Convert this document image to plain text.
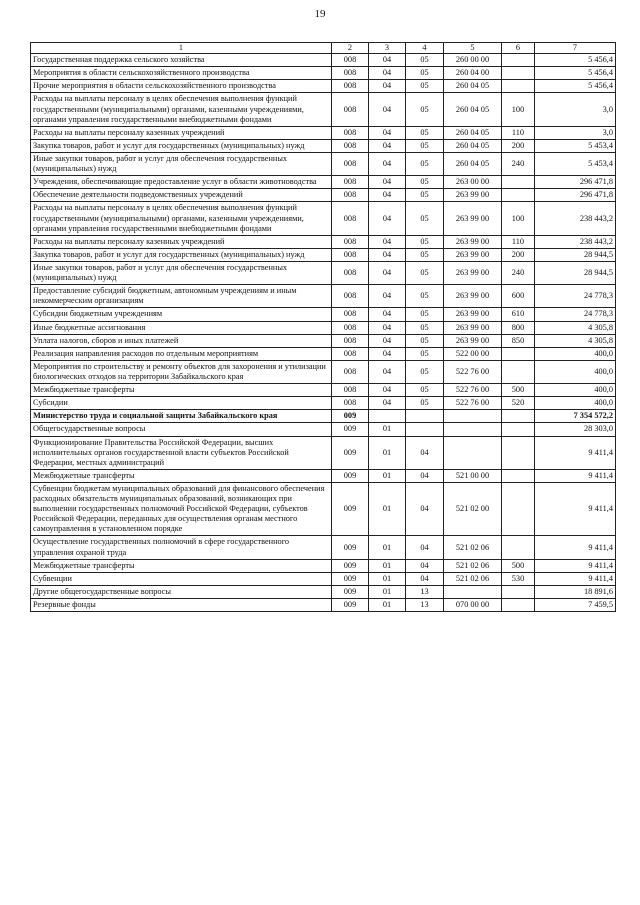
19
1	2	3	4	5	6	7
Государственная поддержка сельского хозяйства	008	04	05	260 00 00		5 456,4
Мероприятия в области сельскохозяйственного производства	008	04	05	260 04 00		5 456,4
Прочие мероприятия в области сельскохозяйственного производства	008	04	05	260 04 05		5 456,4
Расходы на выплаты персоналу в целях обеспечения выполнения функций государственными (муниципальными) органами, казенными учреждениями, органами управления государственными внебюджетными фондами	008	04	05	260 04 05	100	3,0
Расходы на выплаты персоналу казенных учреждений	008	04	05	260 04 05	110	3,0
Закупка товаров, работ и услуг для государственных (муниципальных) нужд	008	04	05	260 04 05	200	5 453,4
Иные закупки товаров, работ и услуг для обеспечения государственных (муниципальных) нужд	008	04	05	260 04 05	240	5 453,4
Учреждения, обеспечивающие предоставление услуг в области животноводства	008	04	05	263 00 00		296 471,8
Обеспечение деятельности подведомственных учреждений	008	04	05	263 99 00		296 471,8
Расходы на выплаты персоналу в целях обеспечения выполнения функций государственными (муниципальными) органами, казенными учреждениями, органами управления государственными внебюджетными фондами	008	04	05	263 99 00	100	238 443,2
Расходы на выплаты персоналу казенных учреждений	008	04	05	263 99 00	110	238 443,2
Закупка товаров, работ и услуг для государственных (муниципальных) нужд	008	04	05	263 99 00	200	28 944,5
Иные закупки товаров, работ и услуг для обеспечения государственных (муниципальных) нужд	008	04	05	263 99 00	240	28 944,5
Предоставление субсидий бюджетным, автономным учреждениям и иным некоммерческим организациям	008	04	05	263 99 00	600	24 778,3
Субсидии бюджетным учреждениям	008	04	05	263 99 00	610	24 778,3
Иные бюджетные ассигнования	008	04	05	263 99 00	800	4 305,8
Уплата налогов, сборов и иных платежей	008	04	05	263 99 00	850	4 305,8
Реализация направления расходов по отдельным мероприятиям	008	04	05	522 00 00		400,0
Мероприятия по строительству и ремонту объектов для захоронения и утилизации биологических отходов на территории Забайкальского края	008	04	05	522 76 00		400,0
Межбюджетные трансферты	008	04	05	522 76 00	500	400,0
Субсидии	008	04	05	522 76 00	520	400,0
Министерство труда и социальной защиты Забайкальского края	009					7 354 572,2
Общегосударственные вопросы	009	01				28 303,0
Функционирование Правительства Российской Федерации, высших исполнительных органов государственной власти субъектов Российской Федерации, местных администраций	009	01	04			9 411,4
Межбюджетные трансферты	009	01	04	521 00 00		9 411,4
Субвенции бюджетам муниципальных образований для финансового обеспечения расходных обязательств муниципальных образований, возникающих при выполнении государственных полномочий Российской Федерации, субъектов Российской Федерации, переданных для осуществления органам местного самоуправления в установленном порядке	009	01	04	521 02 00		9 411,4
Осуществление государственных полномочий в сфере государственного управления охраной труда	009	01	04	521 02 06		9 411,4
Межбюджетные трансферты	009	01	04	521 02 06	500	9 411,4
Субвенции	009	01	04	521 02 06	530	9 411,4
Другие общегосударственные вопросы	009	01	13			18 891,6
Резервные фонды	009	01	13	070 00 00		7 459,5
